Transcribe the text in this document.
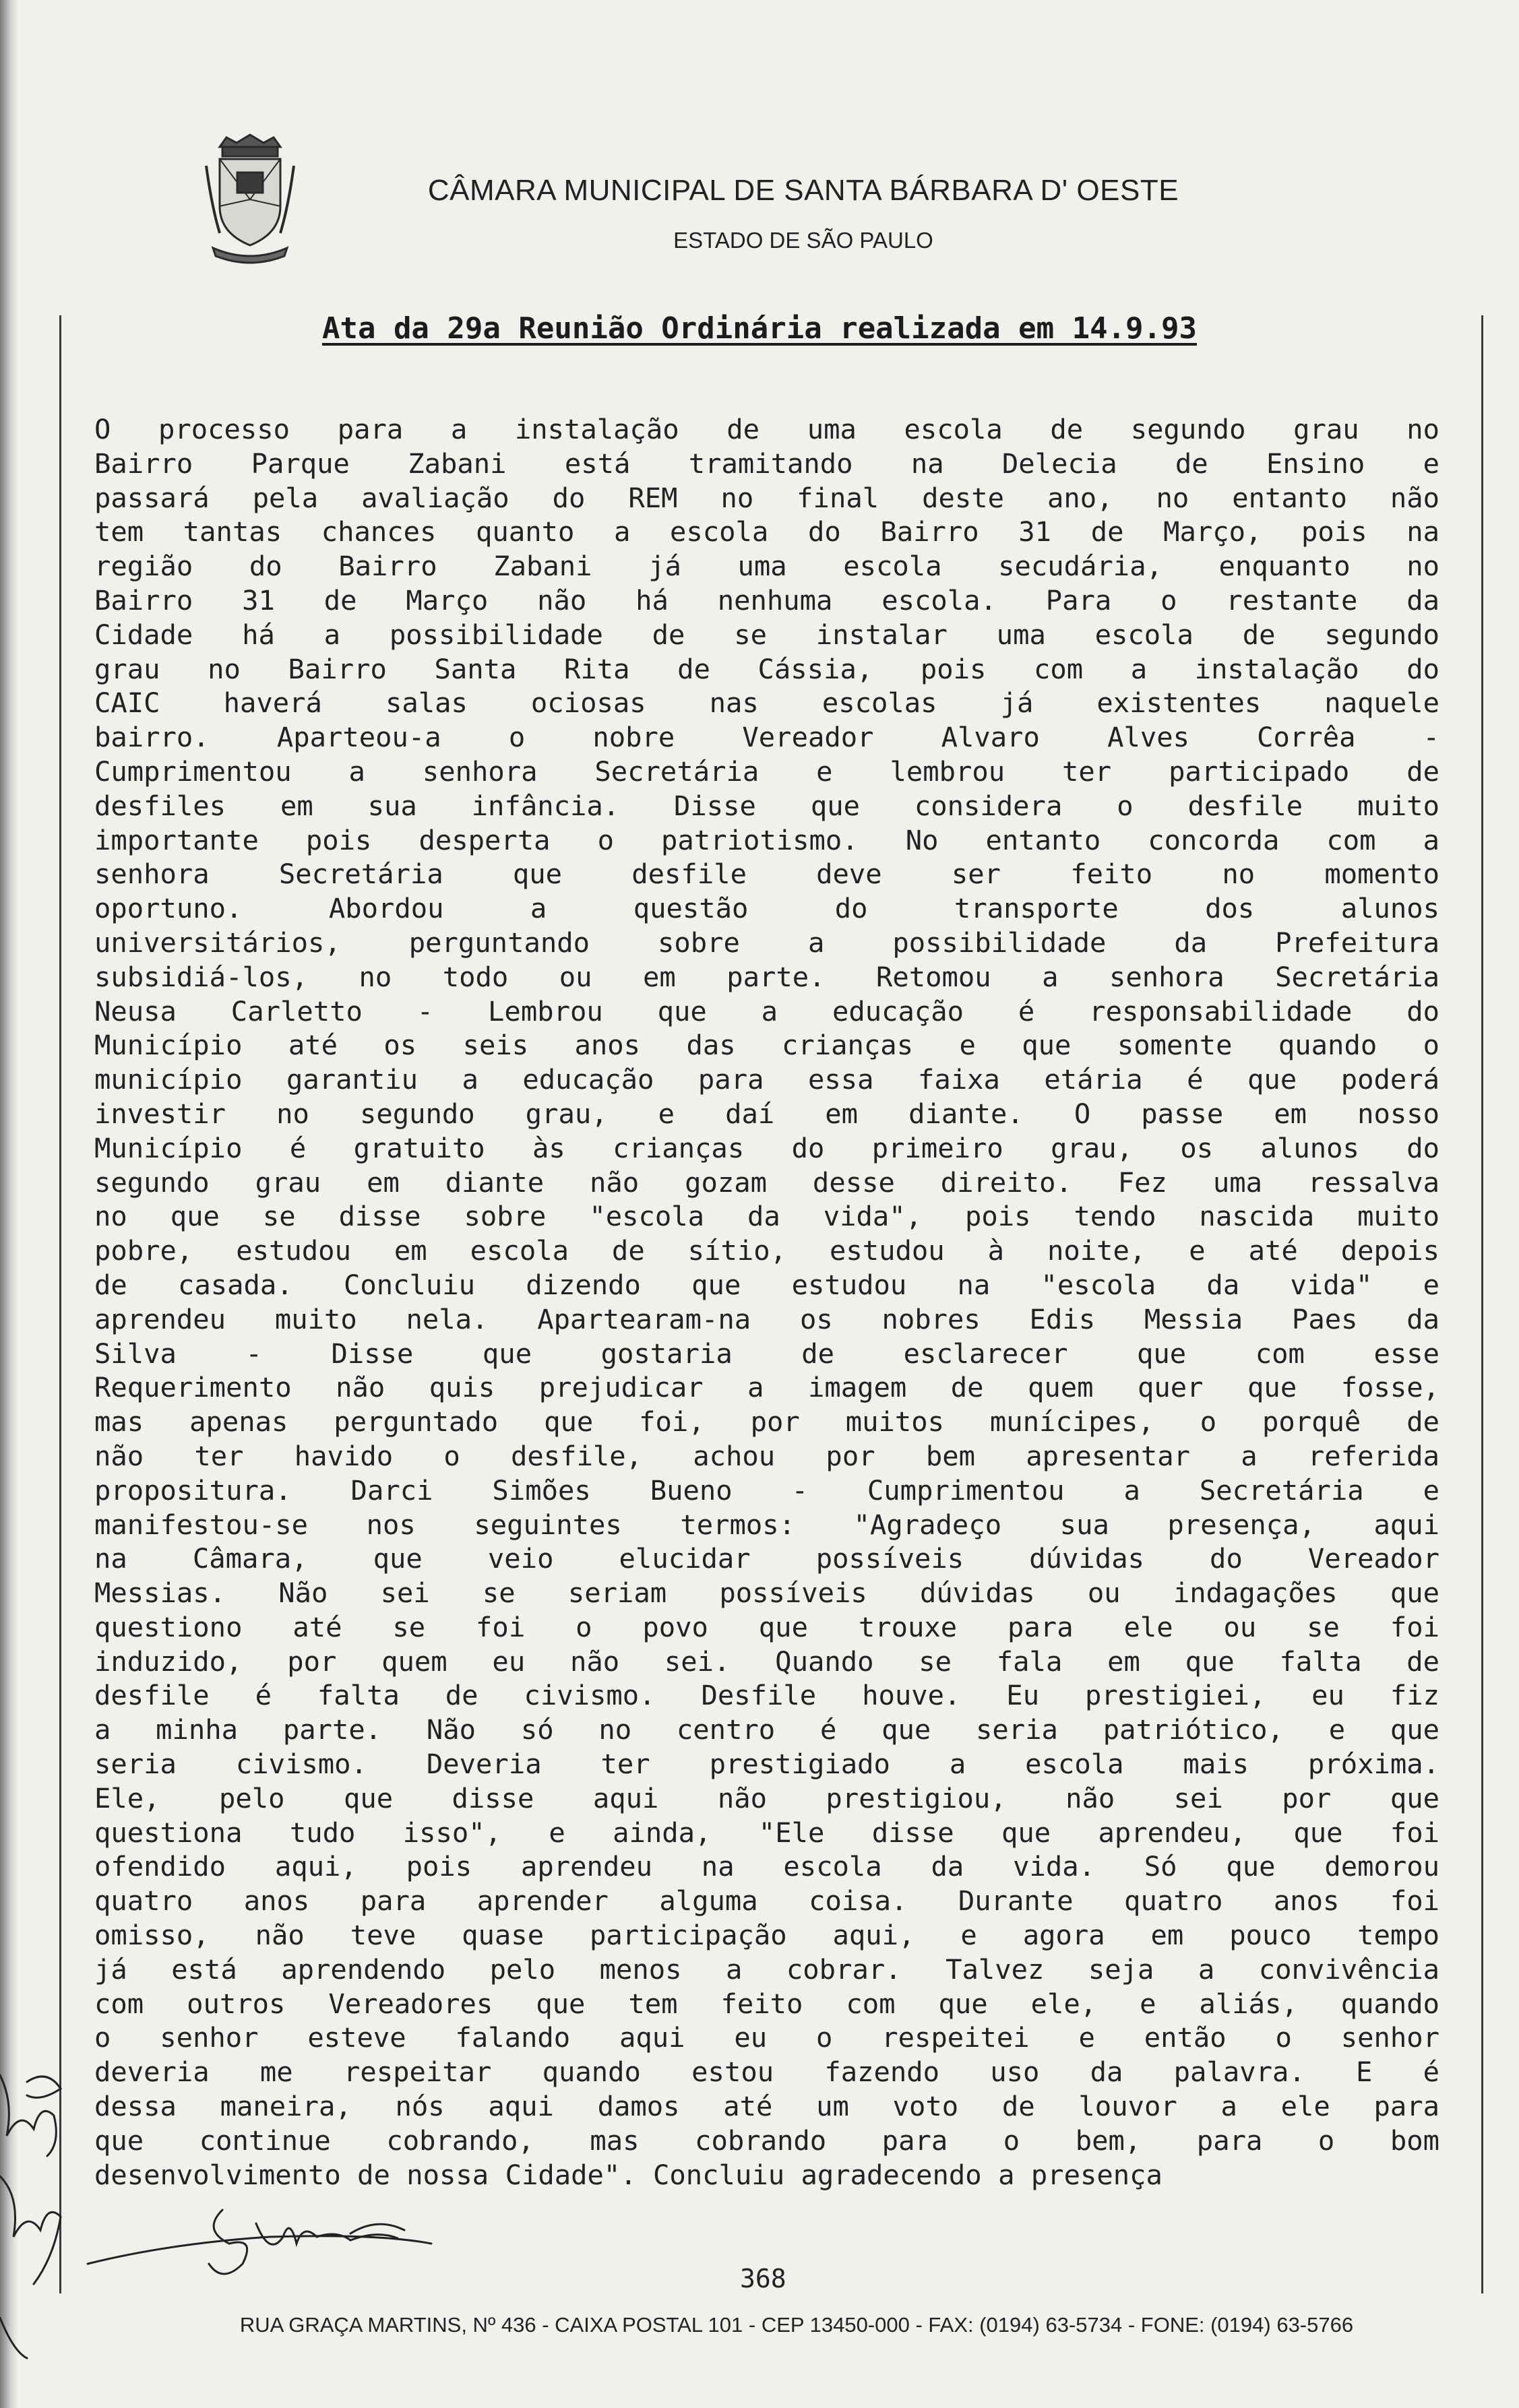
CÂMARA MUNICIPAL DE SANTA BÁRBARA D' OESTE
ESTADO DE SÃO PAULO
Ata da 29a Reunião Ordinária realizada em 14.9.93
O processo para a instalação de uma escola de segundo grau no
Bairro Parque Zabani está tramitando na Delecia de Ensino e
passará pela avaliação do REM no final deste ano, no entanto não
tem tantas chances quanto a escola do Bairro 31 de Março, pois na
região do Bairro Zabani já uma escola secudária, enquanto no
Bairro 31 de Março não há nenhuma escola. Para o restante da
Cidade há a possibilidade de se instalar uma escola de segundo
grau no Bairro Santa Rita de Cássia, pois com a instalação do
CAIC haverá salas ociosas nas escolas já existentes naquele
bairro. Aparteou-a o nobre Vereador Alvaro Alves Corrêa -
Cumprimentou a senhora Secretária e lembrou ter participado de
desfiles em sua infância. Disse que considera o desfile muito
importante pois desperta o patriotismo. No entanto concorda com a
senhora Secretária que desfile deve ser feito no momento
oportuno. Abordou a questão do transporte dos alunos
universitários, perguntando sobre a possibilidade da Prefeitura
subsidiá-los, no todo ou em parte. Retomou a senhora Secretária
Neusa Carletto - Lembrou que a educação é responsabilidade do
Município até os seis anos das crianças e que somente quando o
município garantiu a educação para essa faixa etária é que poderá
investir no segundo grau, e daí em diante. O passe em nosso
Município é gratuito às crianças do primeiro grau, os alunos do
segundo grau em diante não gozam desse direito. Fez uma ressalva
no que se disse sobre "escola da vida", pois tendo nascida muito
pobre, estudou em escola de sítio, estudou à noite, e até depois
de casada. Concluiu dizendo que estudou na "escola da vida" e
aprendeu muito nela. Apartearam-na os nobres Edis Messia Paes da
Silva - Disse que gostaria de esclarecer que com esse
Requerimento não quis prejudicar a imagem de quem quer que fosse,
mas apenas perguntado que foi, por muitos munícipes, o porquê de
não ter havido o desfile, achou por bem apresentar a referida
propositura. Darci Simões Bueno - Cumprimentou a Secretária e
manifestou-se nos seguintes termos: "Agradeço sua presença, aqui
na Câmara, que veio elucidar possíveis dúvidas do Vereador
Messias. Não sei se seriam possíveis dúvidas ou indagações que
questiono até se foi o povo que trouxe para ele ou se foi
induzido, por quem eu não sei. Quando se fala em que falta de
desfile é falta de civismo. Desfile houve. Eu prestigiei, eu fiz
a minha parte. Não só no centro é que seria patriótico, e que
seria civismo. Deveria ter prestigiado a escola mais próxima.
Ele, pelo que disse aqui não prestigiou, não sei por que
questiona tudo isso", e ainda, "Ele disse que aprendeu, que foi
ofendido aqui, pois aprendeu na escola da vida. Só que demorou
quatro anos para aprender alguma coisa. Durante quatro anos foi
omisso, não teve quase participação aqui, e agora em pouco tempo
já está aprendendo pelo menos a cobrar. Talvez seja a convivência
com outros Vereadores que tem feito com que ele, e aliás, quando
o senhor esteve falando aqui eu o respeitei e então o senhor
deveria me respeitar quando estou fazendo uso da palavra. E é
dessa maneira, nós aqui damos até um voto de louvor a ele para
que continue cobrando, mas cobrando para o bem, para o bom
desenvolvimento de nossa Cidade". Concluiu agradecendo a presença
368
RUA GRAÇA MARTINS, Nº 436 - CAIXA POSTAL 101 - CEP 13450-000 - FAX: (0194) 63-5734 - FONE: (0194) 63-5766
